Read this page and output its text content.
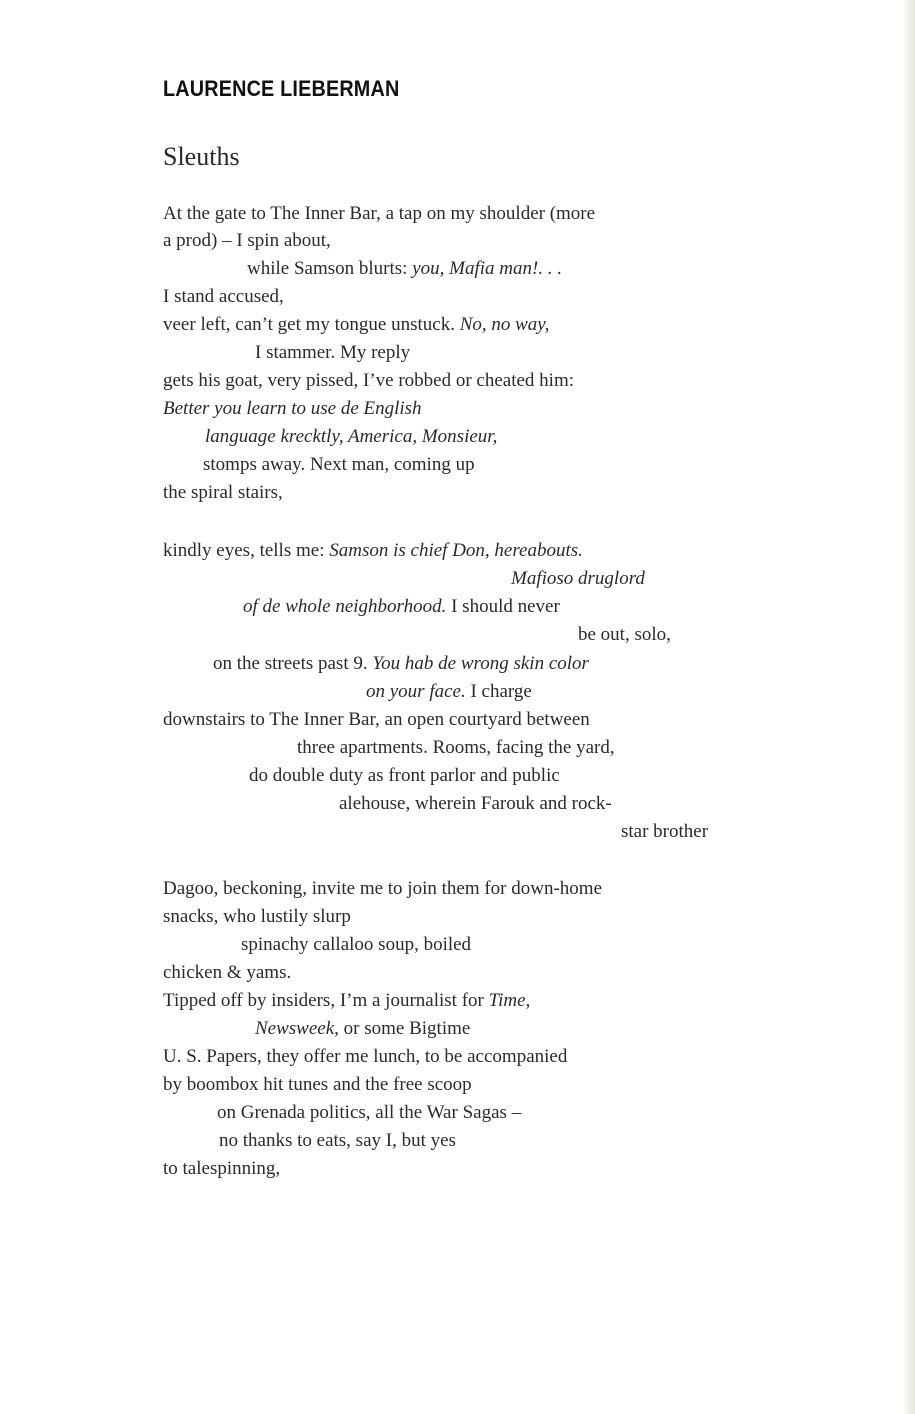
LAURENCE LIEBERMAN
Sleuths
At the gate to The Inner Bar, a tap on my shoulder (more
a prod) – I spin about,
while Samson blurts: you, Mafia man!. . .
I stand accused,
veer left, can’t get my tongue unstuck. No, no way,
I stammer. My reply
gets his goat, very pissed, I’ve robbed or cheated him:
Better you learn to use de English
language krecktly, America, Monsieur,
stomps away. Next man, coming up
the spiral stairs,
kindly eyes, tells me: Samson is chief Don, hereabouts.
Mafioso druglord
of de whole neighborhood. I should never
be out, solo,
on the streets past 9. You hab de wrong skin color
on your face. I charge
downstairs to The Inner Bar, an open courtyard between
three apartments. Rooms, facing the yard,
do double duty as front parlor and public
alehouse, wherein Farouk and rock-
star brother
Dagoo, beckoning, invite me to join them for down-home
snacks, who lustily slurp
spinachy callaloo soup, boiled
chicken & yams.
Tipped off by insiders, I’m a journalist for Time,
Newsweek, or some Bigtime
U. S. Papers, they offer me lunch, to be accompanied
by boombox hit tunes and the free scoop
on Grenada politics, all the War Sagas –
no thanks to eats, say I, but yes
to talespinning,
